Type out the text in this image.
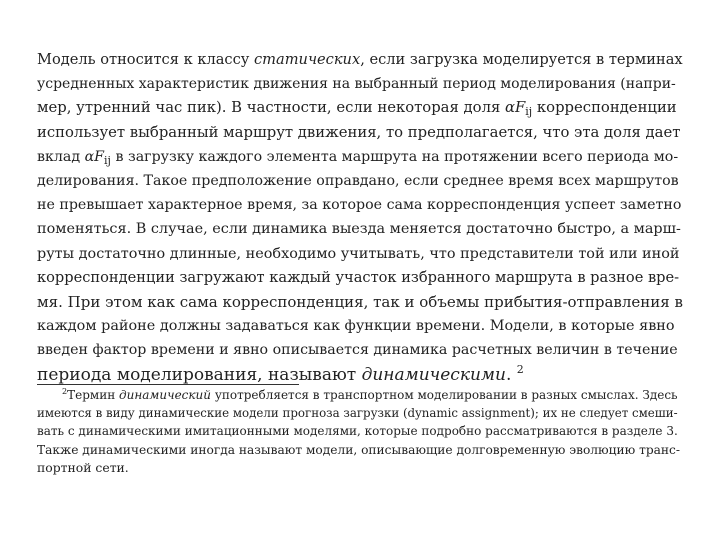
Модель относится к классу статических, если загрузка моделируется в терминах
усредненных характеристик движения на выбранный период моделирования (напри-
мер, утренний час пик). В частности, если некоторая доля $\alpha F_{ij}$ корреспонденции
использует выбранный маршрут движения, то предполагается, что эта доля дает
вклад $\alpha F_{ij}$ в загрузку каждого элемента маршрута на протяжении всего периода мо-
делирования. Такое предположение оправдано, если среднее время всех маршрутов
не превышает характерное время, за которое сама корреспонденция успеет заметно
поменяться. В случае, если динамика выезда меняется достаточно быстро, а марш-
руты достаточно длинные, необходимо учитывать, что представители той или иной
корреспонденции загружают каждый участок избранного маршрута в разное вре-
мя. При этом как сама корреспонденция, так и объемы прибытия-отправления в
каждом районе должны задаваться как функции времени. Модели, в которые явно
введен фактор времени и явно описывается динамика расчетных величин в течение
периода моделирования, называют динамическими. $^2$
$^2$Термин динамический употребляется в транспортном моделировании в разных смыслах. Здесь
имеются в виду динамические модели прогноза загрузки (dynamic assignment); их не следует смеши-
вать с динамическими имитационными моделями, которые подробно рассматриваются в разделе 3.
Также динамическими иногда называют модели, описывающие долговременную эволюцию транс-
портной сети.
